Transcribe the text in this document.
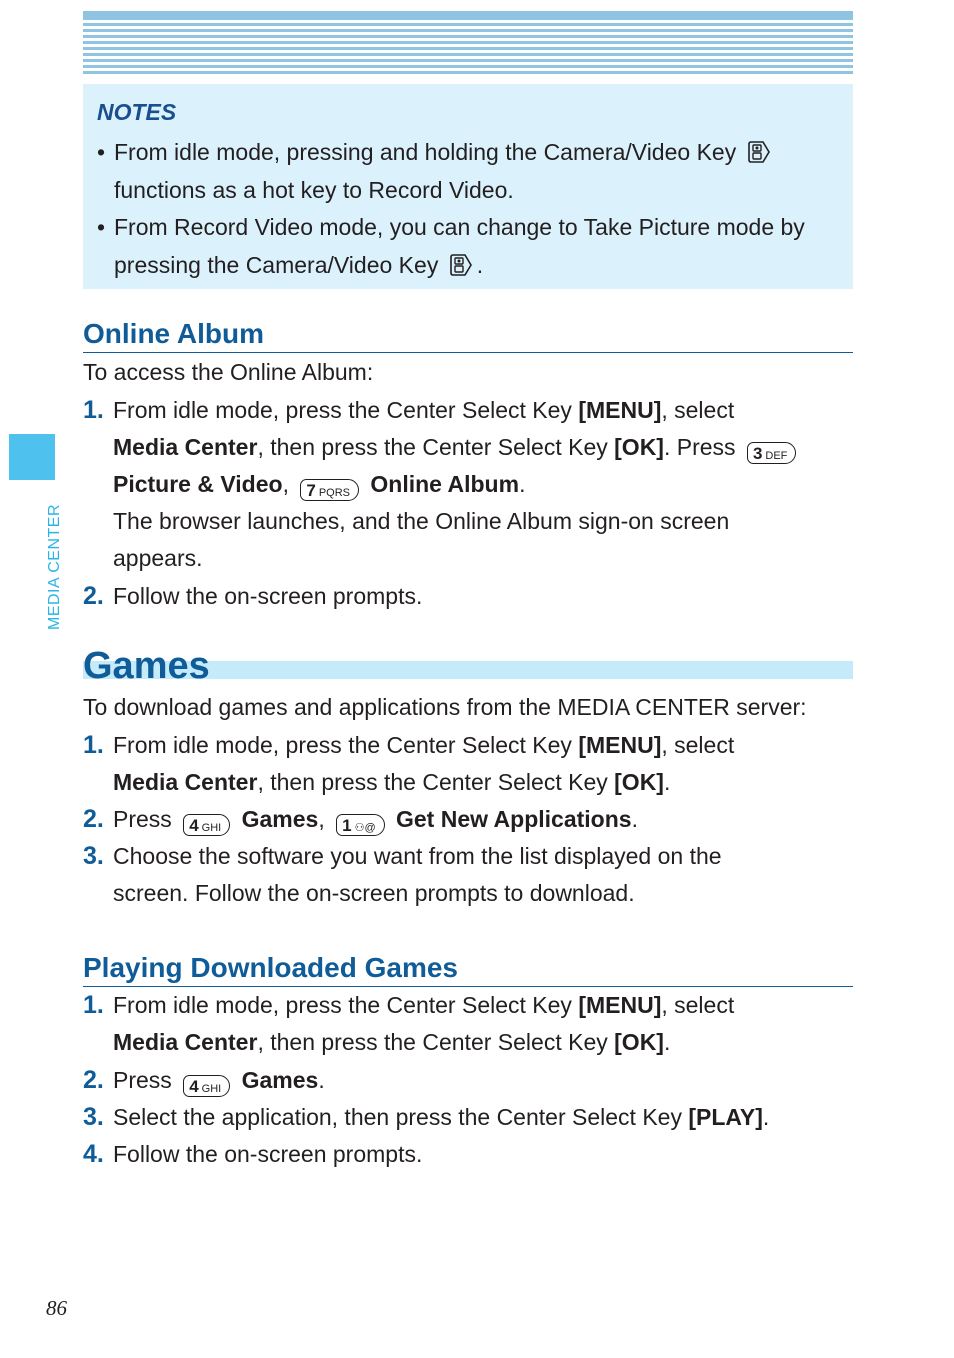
NOTES
• From idle mode, pressing and holding the Camera/Video Key
functions as a hot key to Record Video.
• From Record Video mode, you can change to Take Picture mode by pressing the Camera/Video Key .
MEDIA CENTER
Online Album
To access the Online Album:
1. From idle mode, press the Center Select Key [MENU], select
Media Center, then press the Center Select Key [OK]. Press 3 DEF
Picture & Video, 7 PQRS Online Album.
The browser launches, and the Online Album sign-on screen appears.
2. Follow the on-screen prompts.
Games
To download games and applications from the MEDIA CENTER server:
1. From idle mode, press the Center Select Key [MENU], select
Media Center, then press the Center Select Key [OK].
2. Press 4 GHI Games, 1 ⚇@ Get New Applications.
3. Choose the software you want from the list displayed on the screen. Follow the on-screen prompts to download.
Playing Downloaded Games
1. From idle mode, press the Center Select Key [MENU], select
Media Center, then press the Center Select Key [OK].
2. Press 4 GHI Games.
3. Select the application, then press the Center Select Key [PLAY].
4. Follow the on-screen prompts.
86
